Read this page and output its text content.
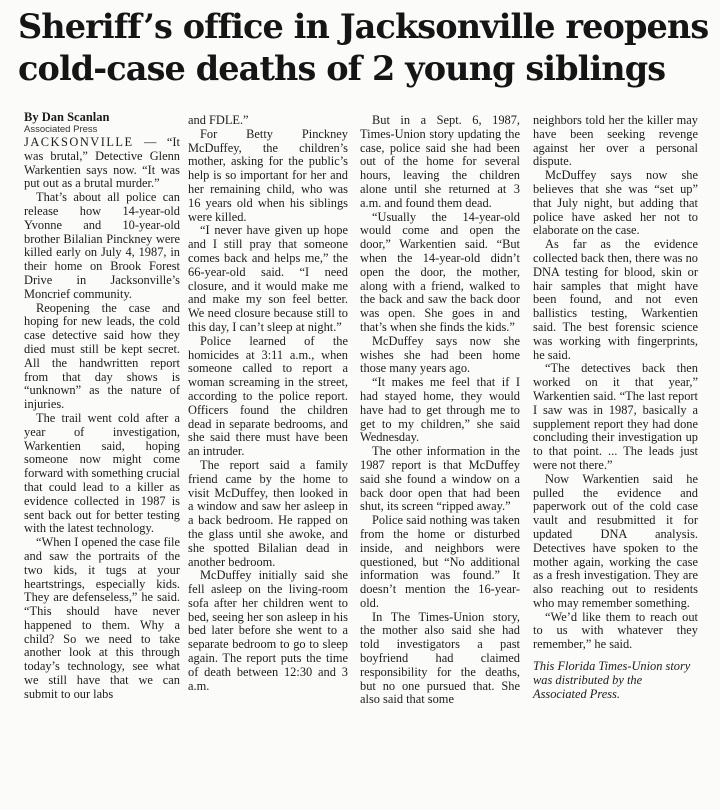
Sheriff’s office in Jacksonville reopens
cold-case deaths of 2 young siblings

By Dan Scanlan

Associated Press

JACKSONVILLE — “It was brutal,” Detective Glenn Warkentien says now. “It was put out as a brutal murder.”

That’s about all police can release how 14-year-old Yvonne and 10-year-old brother Bilalian Pinckney were killed early on July 4, 1987, in their home on Brook Forest Drive in Jacksonville’s Moncrief community.

Reopening the case and hoping for new leads, the cold case detective said how they died must still be kept secret. All the handwritten report from that day shows is “unknown” as the nature of injuries.

The trail went cold after a year of investigation, Warkentien said, hoping someone now might come forward with something crucial that could lead to a killer as evidence collected in 1987 is sent back out for better testing with the latest technology.

“When I opened the case file and saw the portraits of the two kids, it tugs at your heartstrings, especially kids. They are defenseless,” he said. “This should have never happened to them. Why a child? So we need to take another look at this through today’s technology, see what we still have that we can submit to our labs

and FDLE.”

For Betty Pinckney McDuffey, the children’s mother, asking for the public’s help is so important for her and her remaining child, who was 16 years old when his siblings were killed.

“I never have given up hope and I still pray that someone comes back and helps me,” the 66-year-old said. “I need closure, and it would make me and make my son feel better. We need closure because still to this day, I can’t sleep at night.”

Police learned of the homicides at 3:11 a.m., when someone called to report a woman screaming in the street, according to the police report. Officers found the children dead in separate bedrooms, and she said there must have been an intruder.

The report said a family friend came by the home to visit McDuffey, then looked in a window and saw her asleep in a back bedroom. He rapped on the glass until she awoke, and she spotted Bilalian dead in another bedroom.

McDuffey initially said she fell asleep on the living-room sofa after her children went to bed, seeing her son asleep in his bed later before she went to a separate bedroom to go to sleep again. The report puts the time of death between 12:30 and 3 a.m.

But in a Sept. 6, 1987, Times-Union story updating the case, police said she had been out of the home for several hours, leaving the children alone until she returned at 3 a.m. and found them dead.

“Usually the 14-year-old would come and open the door,” Warkentien said. “But when the 14-year-old didn’t open the door, the mother, along with a friend, walked to the back and saw the back door was open. She goes in and that’s when she finds the kids.”

McDuffey says now she wishes she had been home those many years ago.

“It makes me feel that if I had stayed home, they would have had to get through me to get to my children,” she said Wednesday.

The other information in the 1987 report is that McDuffey said she found a window on a back door open that had been shut, its screen “ripped away.”

Police said nothing was taken from the home or disturbed inside, and neighbors were questioned, but “No additional information was found.” It doesn’t mention the 16-year-old.

In The Times-Union story, the mother also said she had told investigators a past boyfriend had claimed responsibility for the deaths, but no one pursued that. She also said that some

neighbors told her the killer may have been seeking revenge against her over a personal dispute.

McDuffey says now she believes that she was “set up” that July night, but adding that police have asked her not to elaborate on the case.

As far as the evidence collected back then, there was no DNA testing for blood, skin or hair samples that might have been found, and not even ballistics testing, Warkentien said. The best forensic science was working with fingerprints, he said.

“The detectives back then worked on it that year,” Warkentien said. “The last report I saw was in 1987, basically a supplement report they had done concluding their investigation up to that point. ... The leads just were not there.”

Now Warkentien said he pulled the evidence and paperwork out of the cold case vault and resubmitted it for updated DNA analysis. Detectives have spoken to the mother again, working the case as a fresh investigation. They are also reaching out to residents who may remember something.

“We’d like them to reach out to us with whatever they remember,” he said.

This Florida Times-Union story was distributed by the Associated Press.
